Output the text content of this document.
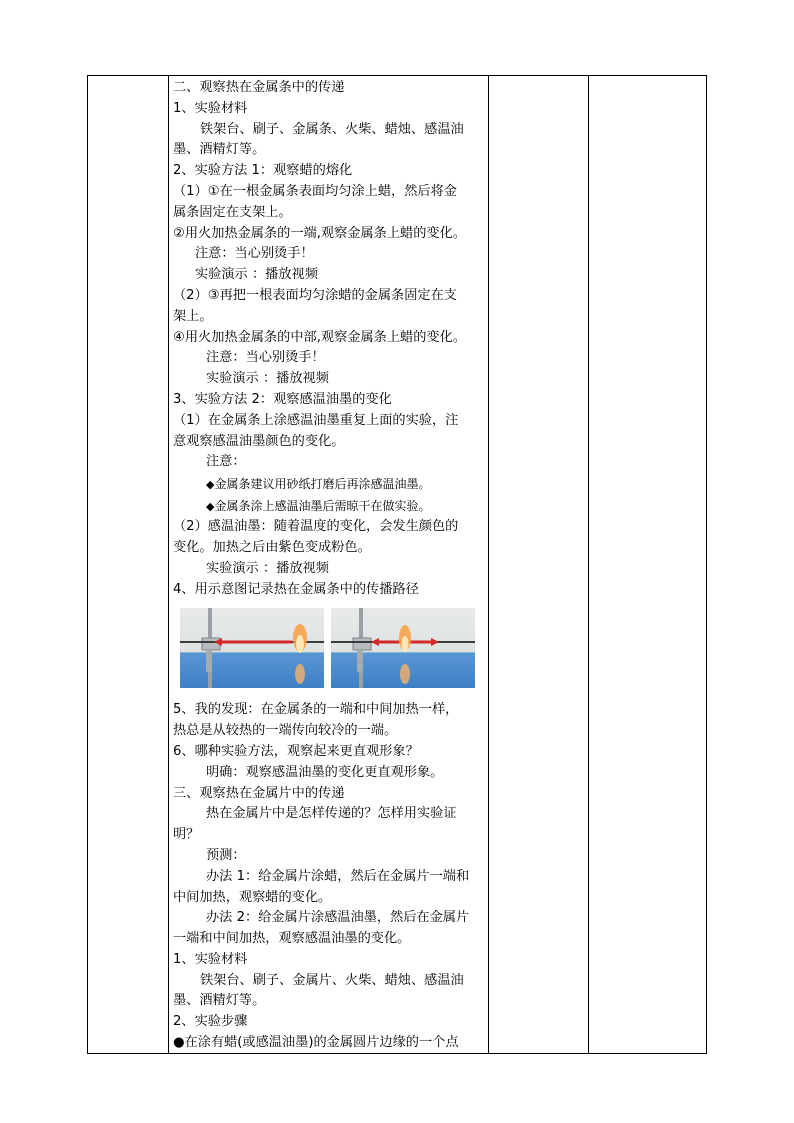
二、观察热在金属条中的传递
1、实验材料
铁架台、刷子、金属条、火柴、蜡烛、感温油
墨、酒精灯等。
2、实验方法 1：观察蜡的熔化
（1）①在一根金属条表面均匀涂上蜡，然后将金
属条固定在支架上。
②用火加热金属条的一端,观察金属条上蜡的变化。
注意：当心别烫手！
实验演示 ：播放视频
（2）③再把一根表面均匀涂蜡的金属条固定在支
架上。
④用火加热金属条的中部,观察金属条上蜡的变化。
注意：当心别烫手！
实验演示 ：播放视频
3、实验方法 2：观察感温油墨的变化
（1）在金属条上涂感温油墨重复上面的实验，注
意观察感温油墨颜色的变化。
注意：
◆金属条建议用砂纸打磨后再涂感温油墨。
◆金属条涂上感温油墨后需晾干在做实验。
（2）感温油墨：随着温度的变化，会发生颜色的
变化。加热之后由紫色变成粉色。
实验演示 ：播放视频
4、用示意图记录热在金属条中的传播路径
5、我的发现：在金属条的一端和中间加热一样，
热总是从较热的一端传向较冷的一端。
6、哪种实验方法，观察起来更直观形象？
明确：观察感温油墨的变化更直观形象。
三、观察热在金属片中的传递
热在金属片中是怎样传递的？怎样用实验证
明？
预测：
办法 1：给金属片涂蜡，然后在金属片一端和
中间加热，观察蜡的变化。
办法 2：给金属片涂感温油墨，然后在金属片
一端和中间加热，观察感温油墨的变化。
1、实验材料
铁架台、刷子、金属片、火柴、蜡烛、感温油
墨、酒精灯等。
2、实验步骤
●在涂有蜡(或感温油墨)的金属圆片边缘的一个点
